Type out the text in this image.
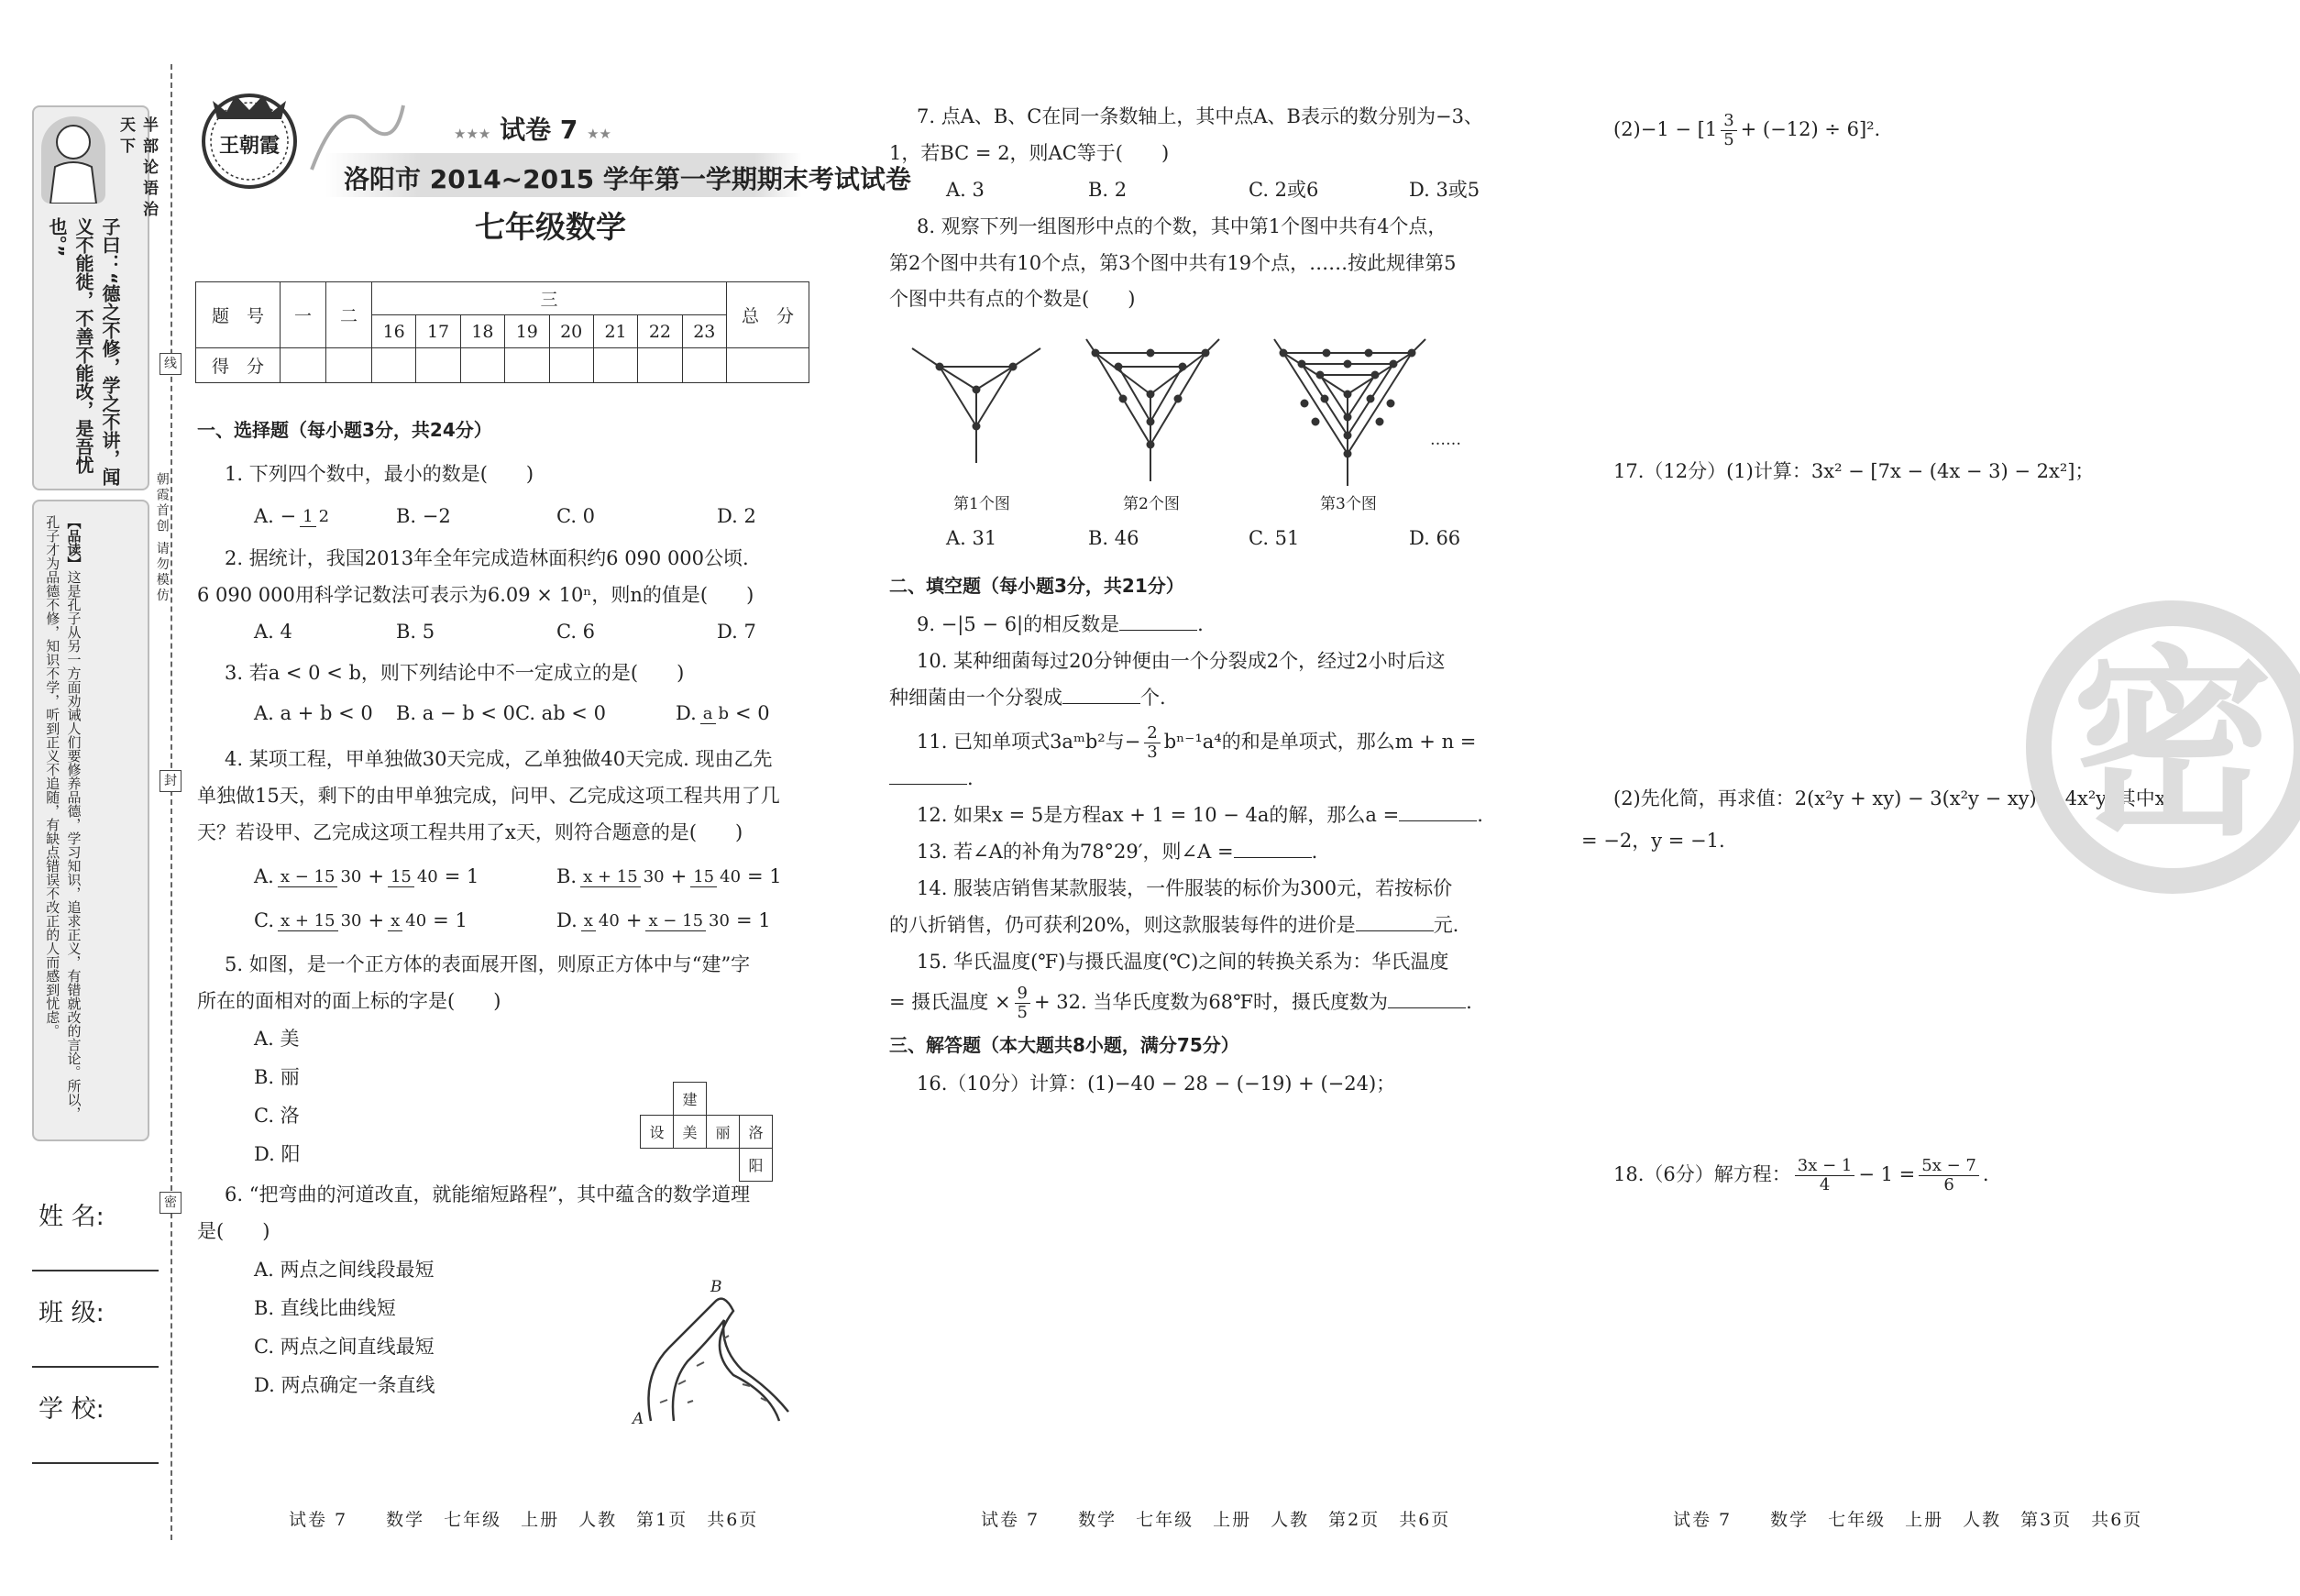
半部论语治天下
子曰：“德之不修，学之不讲，闻义不能徙，不善不能改，是吾忧也。”
【品读】这是孔子从另一方面劝诫人们要修养品德，学习知识，追求正义，有错就改的言论。所以，孔子才为品德不修，知识不学，听到正义不追随，有缺点错误不改正的人而感到忧虑。
姓 名:
班 级:
学 校:
线
朝霞首创 请勿模仿
封
密
王朝霞	★★★ 试卷 7 ★★
洛阳市 2014~2015 学年第一学期期末考试试卷
七年级数学
题　号	一	二	三								总　分
			16	17	18	19	20	21	22	23	
得　分											
一、选择题（每小题3分，共24分）
1. 下列四个数中，最小的数是(　　)
A. − 1 2	B. −2	C. 0	D. 2
2. 据统计，我国2013年全年完成造林面积约6 090 000公顷.
6 090 000用科学记数法可表示为6.09 × 10ⁿ，则n的值是(　　)
A. 4	B. 5	C. 6	D. 7
3. 若a < 0 < b，则下列结论中不一定成立的是(　　)
A. a + b < 0	B. a − b < 0 C. ab < 0	D. a b < 0
4. 某项工程，甲单独做30天完成，乙单独做40天完成. 现由乙先
单独做15天，剩下的由甲单独完成，问甲、乙完成这项工程共用了几
天？若设甲、乙完成这项工程共用了x天，则符合题意的是(　　)
A. x − 15 30 + 15 40 = 1	B. x + 15 30 + 15 40 = 1
C. x + 15 30 + x 40 = 1	D. x 40 + x − 15 30 = 1
5. 如图，是一个正方体的表面展开图，则原正方体中与“建”字
所在的面相对的面上标的字是(　　)
A. 美
B. 丽
C. 洛
D. 阳
6. “把弯曲的河道改直，就能缩短路程”，其中蕴含的数学道理
是(　　)
A. 两点之间线段最短
B. 直线比曲线短
C. 两点之间直线最短
D. 两点确定一条直线
	建		
设	美	丽	洛
			阳
A
B
7. 点A、B、C在同一条数轴上，其中点A、B表示的数分别为−3、
1，若BC = 2，则AC等于(　　)
A. 3	B. 2	C. 2或6	D. 3或5
8. 观察下列一组图形中点的个数，其中第1个图中共有4个点，
第2个图中共有10个点，第3个图中共有19个点，……按此规律第5
个图中共有点的个数是(　　)
第1个图	第2个图	第3个图
……
A. 31	B. 46	C. 51	D. 66
二、填空题（每小题3分，共21分）
9. −|5 − 6|的相反数是	.
10. 某种细菌每过20分钟便由一个分裂成2个，经过2小时后这
种细菌由一个分裂成	个.
11. 已知单项式3aᵐb²与− $\frac{2}{3} b^{n-1}a^4$的和是单项式，那么m + n =
.
12. 如果x = 5是方程ax + 1 = 10 − 4a的解，那么a =	.
13. 若∠A的补角为78°29′，则∠A =	.
14. 服装店销售某款服装，一件服装的标价为300元，若按标价
的八折销售，仍可获利20%，则这款服装每件的进价是	元.
15. 华氏温度(℉)与摄氏温度(℃)之间的转换关系为：华氏温度
= 摄氏温度 × $\frac{9}{5} + 32$. 当华氏度数为68℉时，摄氏度数为	.
三、解答题（本大题共8小题，满分75分）
16.（10分）计算：(1)−40 − 28 − (−19) + (−24)；
$(2)-1 - [1 \frac{3}{5} + (-12) \div 6]^2$.
17.（12分）(1)计算：3x² − [7x − (4x − 3) − 2x²]；
(2)先化简，再求值：2(x²y + xy) − 3(x²y − xy) − 4x²y. 其中x
= −2，y = −1.
18.（6分）解方程： $\frac{3x - 1}{4} - 1 = \frac{5x - 7}{6}$ .
密
试卷 7　　数学　七年级　上册　人教　第1页　共6页	试卷 7　　数学　七年级　上册　人教　第2页　共6页	试卷 7　　数学　七年级　上册　人教　第3页　共6页
